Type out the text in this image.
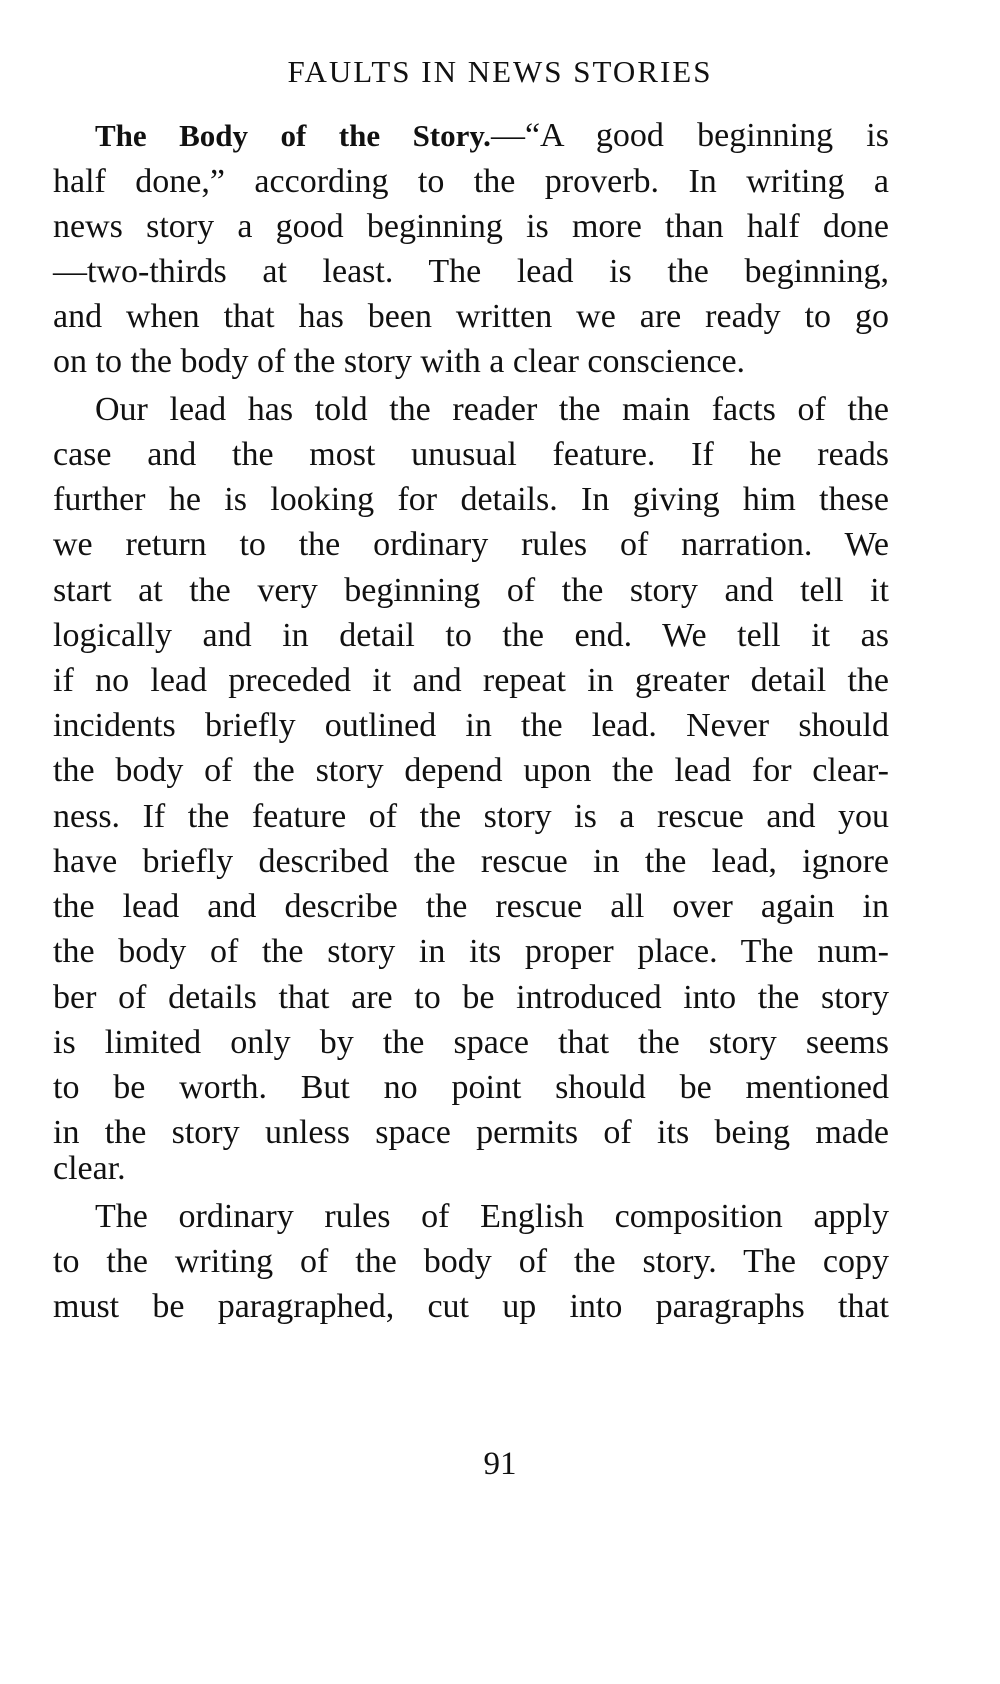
FAULTS IN NEWS STORIES
The Body of the Story.—“A good beginning is
half done,” according to the proverb. In writing a
news story a good beginning is more than half done
—two-thirds at least. The lead is the beginning,
and when that has been written we are ready to go
on to the body of the story with a clear conscience.
Our lead has told the reader the main facts of the
case and the most unusual feature. If he reads
further he is looking for details. In giving him these
we return to the ordinary rules of narration. We
start at the very beginning of the story and tell it
logically and in detail to the end. We tell it as
if no lead preceded it and repeat in greater detail the
incidents briefly outlined in the lead. Never should
the body of the story depend upon the lead for clear-
ness. If the feature of the story is a rescue and you
have briefly described the rescue in the lead, ignore
the lead and describe the rescue all over again in
the body of the story in its proper place. The num-
ber of details that are to be introduced into the story
is limited only by the space that the story seems
to be worth. But no point should be mentioned
in the story unless space permits of its being made
clear.
The ordinary rules of English composition apply
to the writing of the body of the story. The copy
must be paragraphed, cut up into paragraphs that
91
